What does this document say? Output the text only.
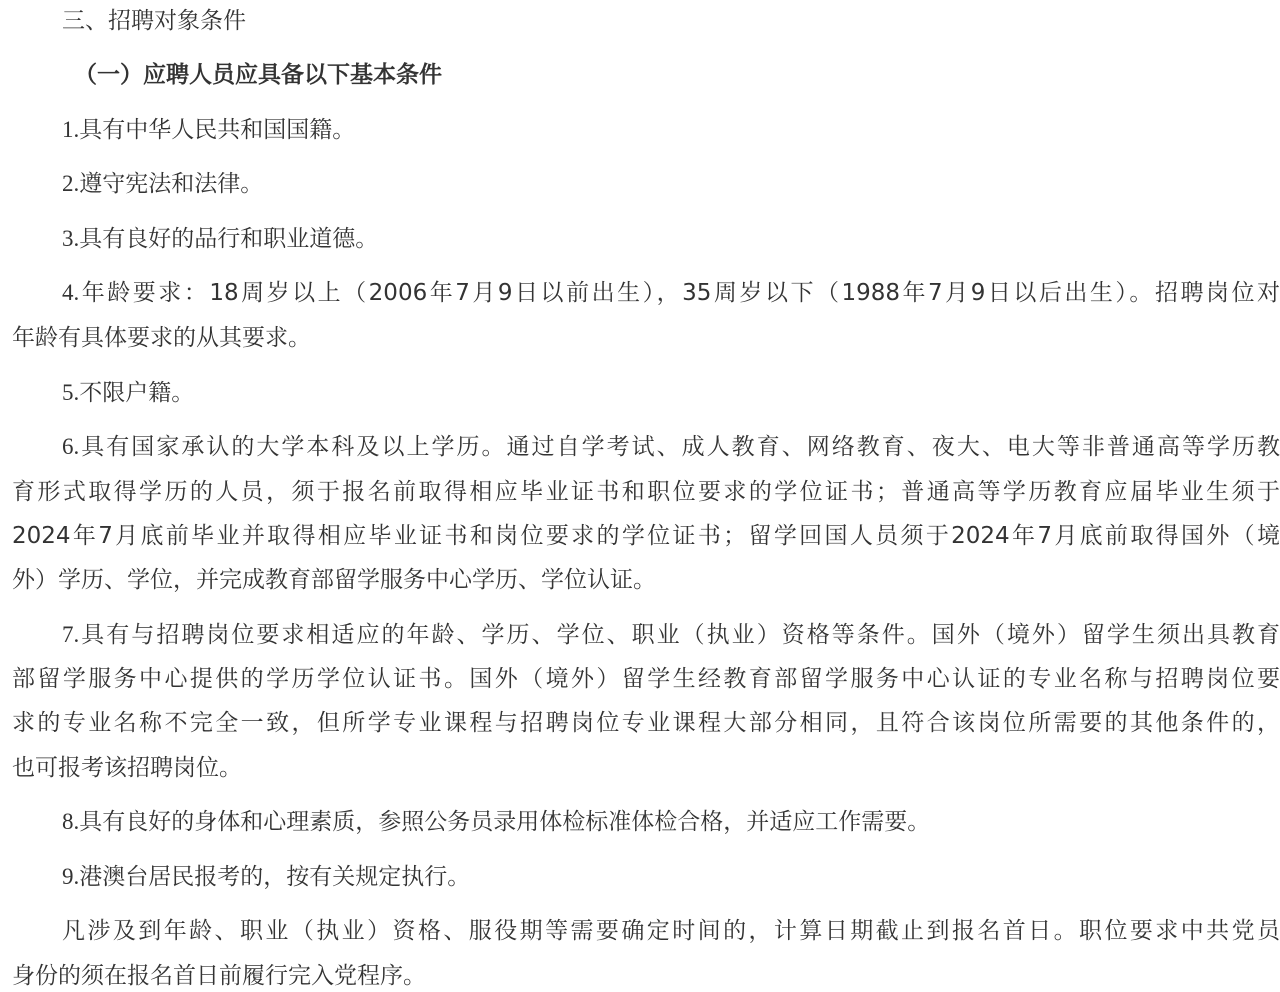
三、招聘对象条件
（一）应聘人员应具备以下基本条件
1.具有中华人民共和国国籍。
2.遵守宪法和法律。
3.具有良好的品行和职业道德。
4.年龄要求：18周岁以上（2006年7月9日以前出生），35周岁以下（1988年7月9日以后出生）。招聘岗位对
年龄有具体要求的从其要求。
5.不限户籍。
6.具有国家承认的大学本科及以上学历。通过自学考试、成人教育、网络教育、夜大、电大等非普通高等学历教
育形式取得学历的人员，须于报名前取得相应毕业证书和职位要求的学位证书；普通高等学历教育应届毕业生须于
2024年7月底前毕业并取得相应毕业证书和岗位要求的学位证书；留学回国人员须于2024年7月底前取得国外（境
外）学历、学位，并完成教育部留学服务中心学历、学位认证。
7.具有与招聘岗位要求相适应的年龄、学历、学位、职业（执业）资格等条件。国外（境外）留学生须出具教育
部留学服务中心提供的学历学位认证书。国外（境外）留学生经教育部留学服务中心认证的专业名称与招聘岗位要
求的专业名称不完全一致，但所学专业课程与招聘岗位专业课程大部分相同，且符合该岗位所需要的其他条件的，
也可报考该招聘岗位。
8.具有良好的身体和心理素质，参照公务员录用体检标准体检合格，并适应工作需要。
9.港澳台居民报考的，按有关规定执行。
凡涉及到年龄、职业（执业）资格、服役期等需要确定时间的，计算日期截止到报名首日。职位要求中共党员
身份的须在报名首日前履行完入党程序。
